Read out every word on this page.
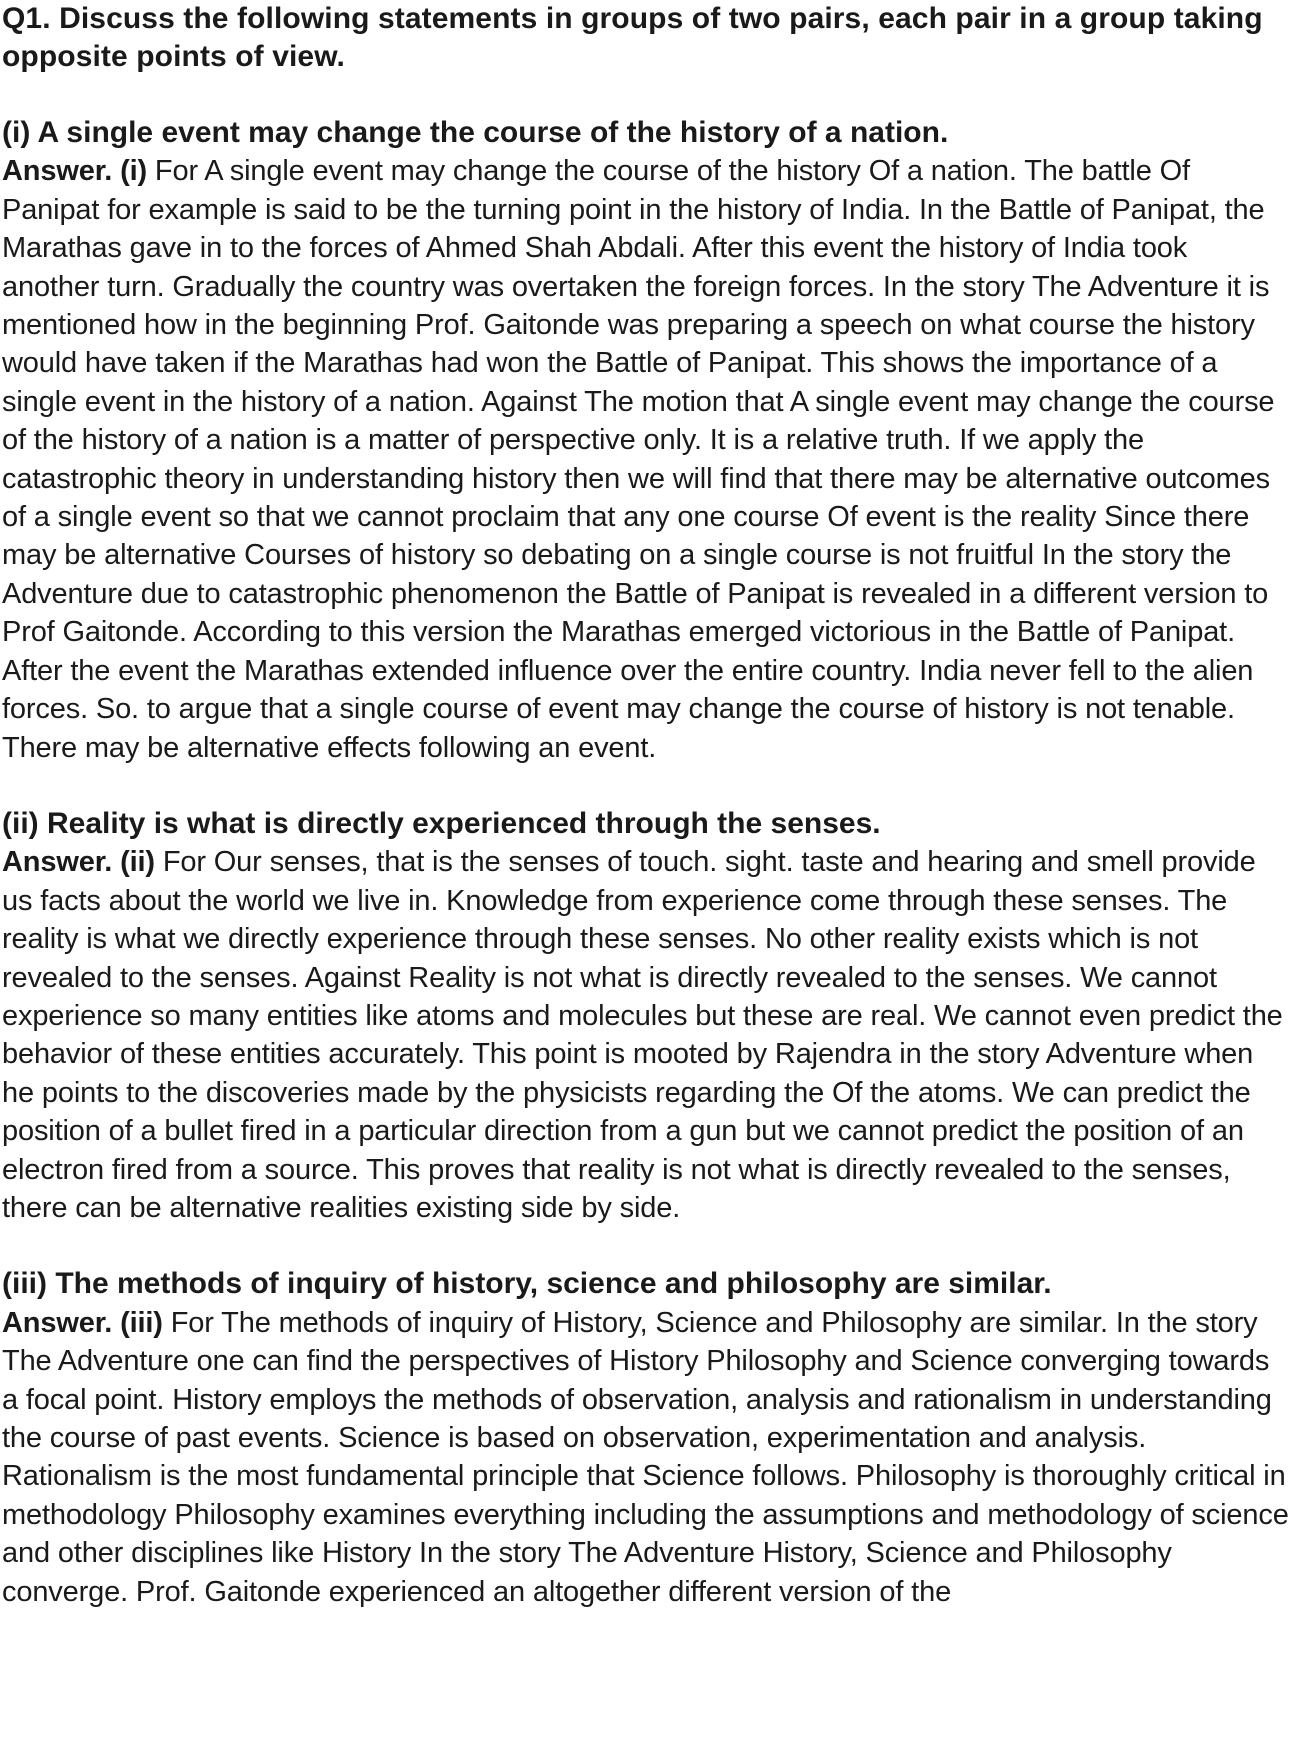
Q1. Discuss the following statements in groups of two pairs, each pair in a group taking opposite points of view.

(i) A single event may change the course of the history of a nation.

Answer. (i) For A single event may change the course of the history Of a nation. The battle Of Panipat for example is said to be the turning point in the history of India. In the Battle of Panipat, the Marathas gave in to the forces of Ahmed Shah Abdali. After this event the history of India took another turn. Gradually the country was overtaken the foreign forces. In the story The Adventure it is mentioned how in the beginning Prof. Gaitonde was preparing a speech on what course the history would have taken if the Marathas had won the Battle of Panipat. This shows the importance of a single event in the history of a nation. Against The motion that A single event may change the course of the history of a nation is a matter of perspective only. It is a relative truth. If we apply the catastrophic theory in understanding history then we will find that there may be alternative outcomes of a single event so that we cannot proclaim that any one course Of event is the reality Since there may be alternative Courses of history so debating on a single course is not fruitful In the story the Adventure due to catastrophic phenomenon the Battle of Panipat is revealed in a different version to Prof Gaitonde. According to this version the Marathas emerged victorious in the Battle of Panipat. After the event the Marathas extended influence over the entire country. India never fell to the alien forces. So. to argue that a single course of event may change the course of history is not tenable. There may be alternative effects following an event.

(ii) Reality is what is directly experienced through the senses.

Answer. (ii) For Our senses, that is the senses of touch. sight. taste and hearing and smell provide us facts about the world we live in. Knowledge from experience come through these senses. The reality is what we directly experience through these senses. No other reality exists which is not revealed to the senses. Against Reality is not what is directly revealed to the senses. We cannot experience so many entities like atoms and molecules but these are real. We cannot even predict the behavior of these entities accurately. This point is mooted by Rajendra in the story Adventure when he points to the discoveries made by the physicists regarding the Of the atoms. We can predict the position of a bullet fired in a particular direction from a gun but we cannot predict the position of an electron fired from a source. This proves that reality is not what is directly revealed to the senses, there can be alternative realities existing side by side.

(iii) The methods of inquiry of history, science and philosophy are similar.

Answer. (iii) For The methods of inquiry of History, Science and Philosophy are similar. In the story The Adventure one can find the perspectives of History Philosophy and Science converging towards a focal point. History employs the methods of observation, analysis and rationalism in understanding the course of past events. Science is based on observation, experimentation and analysis. Rationalism is the most fundamental principle that Science follows. Philosophy is thoroughly critical in methodology Philosophy examines everything including the assumptions and methodology of science and other disciplines like History In the story The Adventure History, Science and Philosophy converge. Prof. Gaitonde experienced an altogether different version of the
